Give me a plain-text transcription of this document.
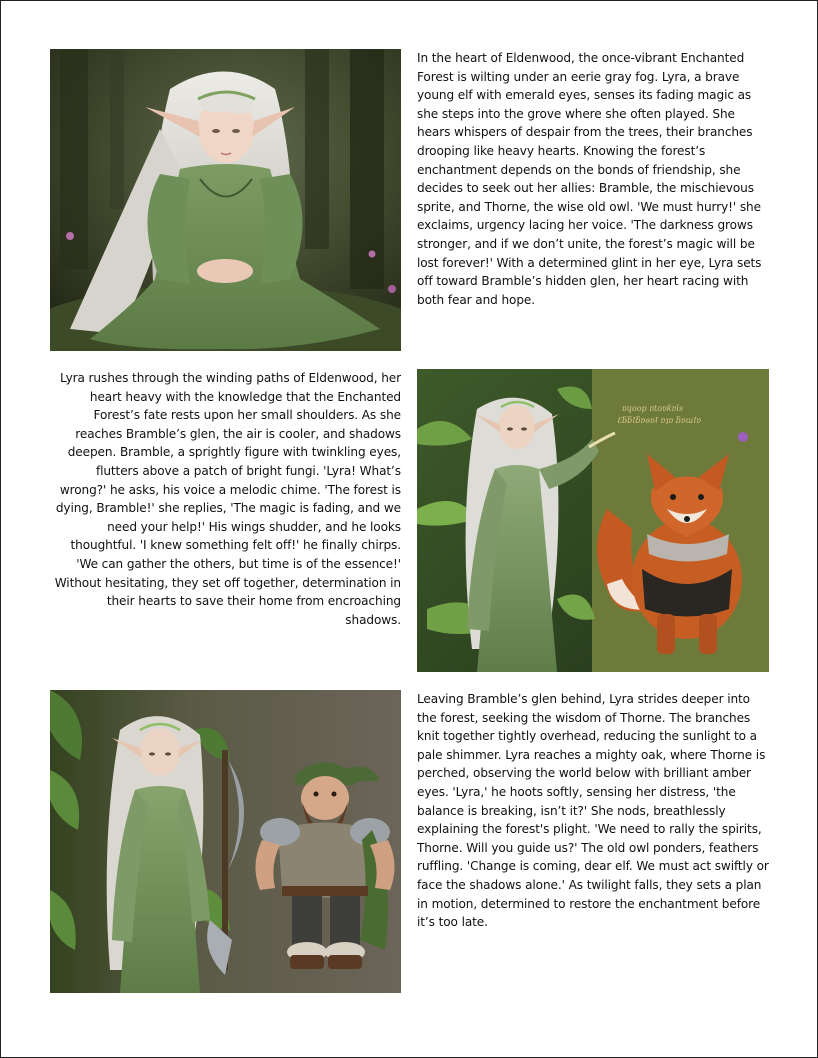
In the heart of Eldenwood, the once-vibrant Enchanted Forest is wilting under an eerie gray fog. Lyra, a brave young elf with emerald eyes, senses its fading magic as she steps into the grove where she often played. She hears whispers of despair from the trees, their branches drooping like heavy hearts. Knowing the forest’s enchantment depends on the bonds of friendship, she decides to seek out her allies: Bramble, the mischievous sprite, and Thorne, the wise old owl. 'We must hurry!' she exclaims, urgency lacing her voice. 'The darkness grows stronger, and if we don’t unite, the forest’s magic will be lost forever!' With a determined glint in her eye, Lyra sets off toward Bramble’s hidden glen, her heart racing with both fear and hope.

Lyra rushes through the winding paths of Eldenwood, her heart heavy with the knowledge that the Enchanted Forest’s fate rests upon her small shoulders. As she reaches Bramble’s glen, the air is cooler, and shadows deepen. Bramble, a sprightly figure with twinkling eyes, flutters above a patch of bright fungi. 'Lyra! What’s wrong?' he asks, his voice a melodic chime. 'The forest is dying, Bramble!' she replies, 'The magic is fading, and we need your help!' His wings shudder, and he looks thoughtful. 'I knew something felt off!' he finally chirps. 'We can gather the others, but time is of the essence!' Without hesitating, they set off together, determination in their hearts to save their home from encroaching shadows.

ɐɥoop ɐtoɐƙɐls
ƐƃƃƖƃɐǝɐƖ ɐʇɐ ƃɐɯƖɐ

Leaving Bramble’s glen behind, Lyra strides deeper into the forest, seeking the wisdom of Thorne. The branches knit together tightly overhead, reducing the sunlight to a pale shimmer. Lyra reaches a mighty oak, where Thorne is perched, observing the world below with brilliant amber eyes. 'Lyra,' he hoots softly, sensing her distress, 'the balance is breaking, isn’t it?' She nods, breathlessly explaining the forest's plight. 'We need to rally the spirits, Thorne. Will you guide us?' The old owl ponders, feathers ruffling. 'Change is coming, dear elf. We must act swiftly or face the shadows alone.' As twilight falls, they sets a plan in motion, determined to restore the enchantment before it’s too late.
